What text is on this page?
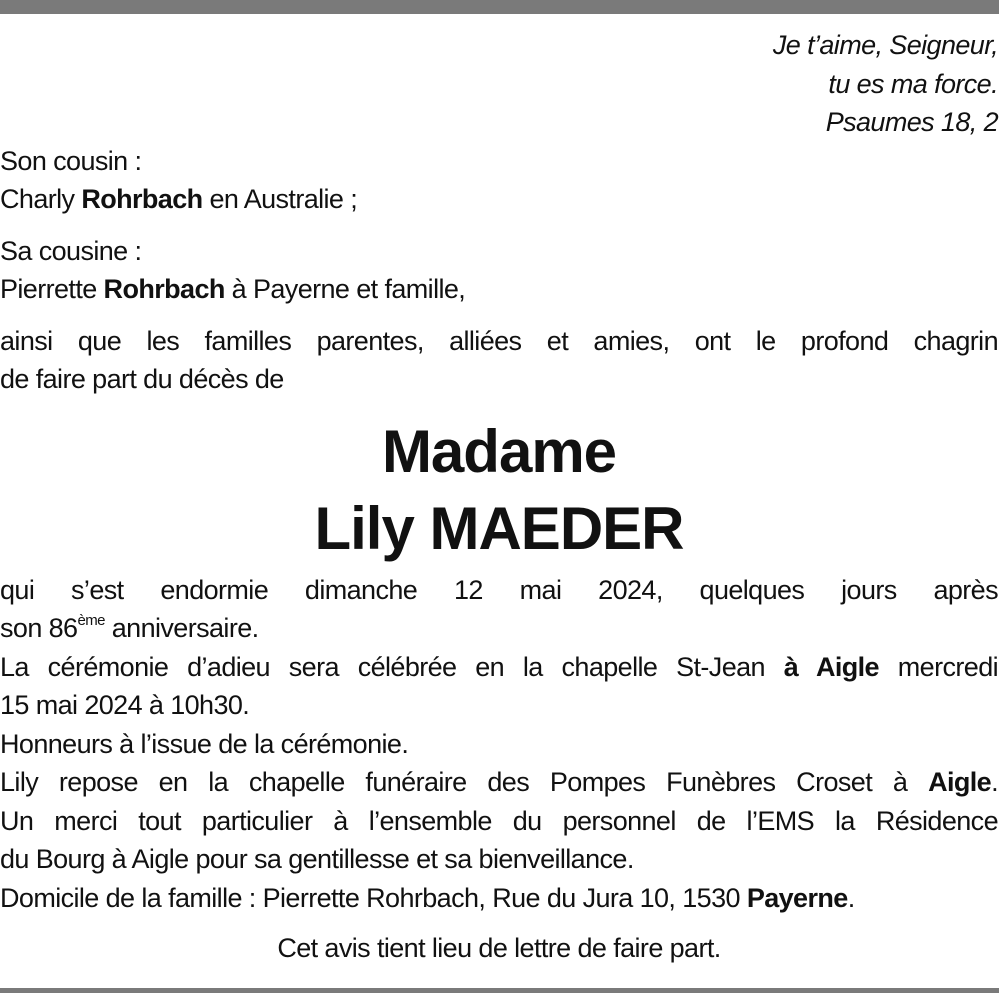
Je t’aime, Seigneur,
tu es ma force.
Psaumes 18, 2
Son cousin :
Charly Rohrbach en Australie ;
Sa cousine :
Pierrette Rohrbach à Payerne et famille,
ainsi que les familles parentes, alliées et amies, ont le profond chagrin
de faire part du décès de
Madame
Lily MAEDER
qui s’est endormie dimanche 12 mai 2024, quelques jours après
son 86ème anniversaire.
La cérémonie d’adieu sera célébrée en la chapelle St-Jean à Aigle mercredi
15 mai 2024 à 10h30.
Honneurs à l’issue de la cérémonie.
Lily repose en la chapelle funéraire des Pompes Funèbres Croset à Aigle.
Un merci tout particulier à l’ensemble du personnel de l’EMS la Résidence
du Bourg à Aigle pour sa gentillesse et sa bienveillance.
Domicile de la famille : Pierrette Rohrbach, Rue du Jura 10, 1530 Payerne.
Cet avis tient lieu de lettre de faire part.
